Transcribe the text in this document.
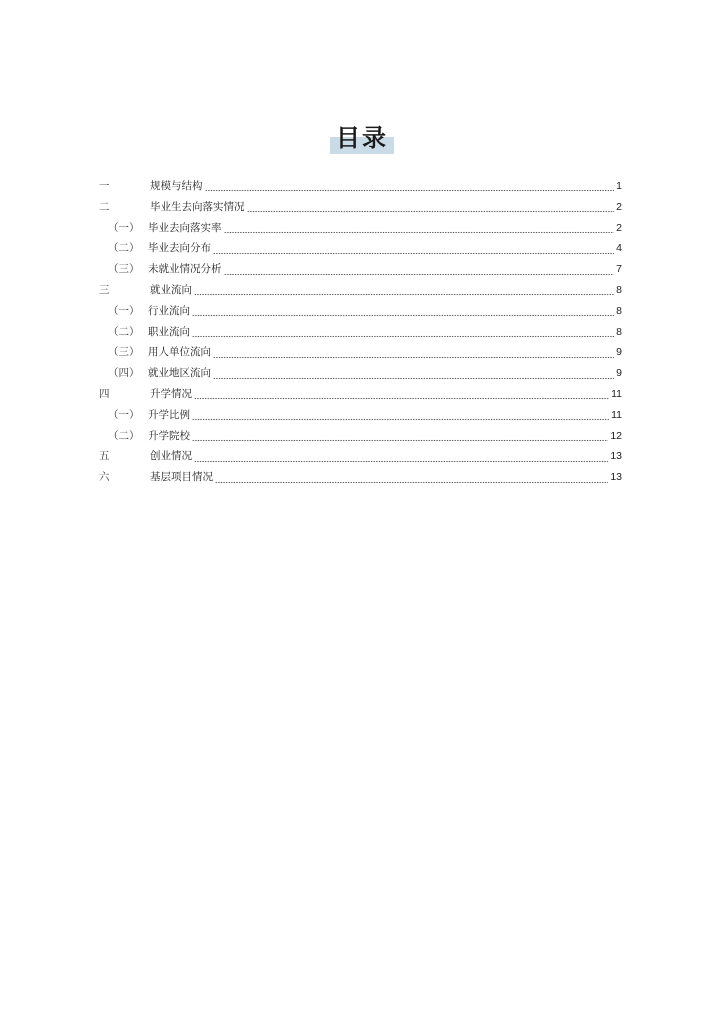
目录
一	规模与结构	1
二	毕业生去向落实情况	2
（一） 毕业去向落实率	2
（二） 毕业去向分布	4
（三） 未就业情况分析	7
三	就业流向	8
（一） 行业流向	8
（二） 职业流向	8
（三） 用人单位流向	9
（四） 就业地区流向	9
四	升学情况	11
（一） 升学比例	11
（二） 升学院校	12
五	创业情况	13
六	基层项目情况	13
